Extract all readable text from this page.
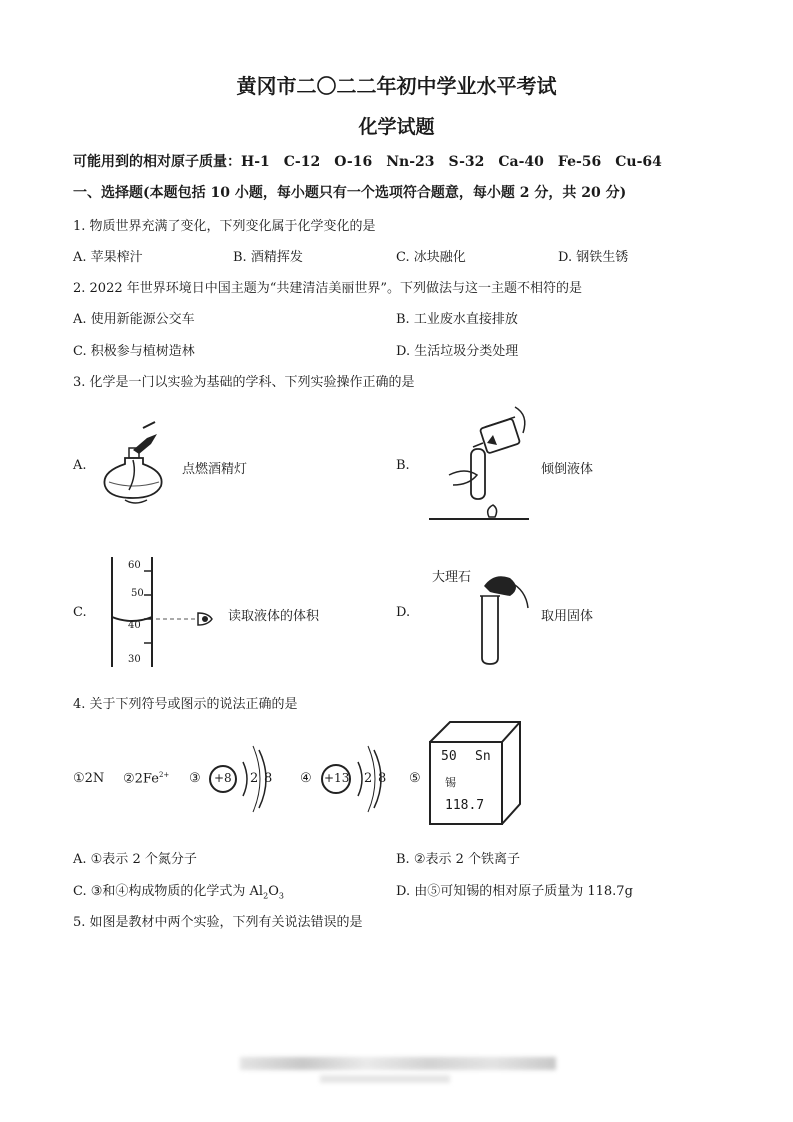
黄冈市二〇二二年初中学业水平考试
化学试题
可能用到的相对原子质量：H-1　C-12　O-16　Nn-23　S-32　Ca-40　Fe-56　Cu-64
一、选择题(本题包括 10 小题，每小题只有一个选项符合题意，每小题 2 分，共 20 分)
1. 物质世界充满了变化，下列变化属于化学变化的是
A. 苹果榨汁	B. 酒精挥发	C. 冰块融化	D. 钢铁生锈
2. 2022 年世界环境日中国主题为“共建清洁美丽世界”。下列做法与这一主题不相符的是
A. 使用新能源公交车	B. 工业废水直接排放
C. 积极参与植树造林	D. 生活垃圾分类处理
3. 化学是一门以实验为基础的学科、下列实验操作正确的是
A.	点燃酒精灯	B.	倾倒液体
C.
60
50
40
30
读取液体的体积	D.
大理石
取用固体
4. 关于下列符号或图示的说法正确的是
①2N $②2Fe^{2+}$ ③ +8 2 8 ④ +13 2 8 ⑤
50 Sn
锡
118.7
A. ①表示 2 个氮分子	B. ②表示 2 个铁离子
C. ③和④构成物质的化学式为 $Al_2O_3$	D. 由⑤可知锡的相对原子质量为 118.7g
5. 如图是教材中两个实验，下列有关说法错误的是
